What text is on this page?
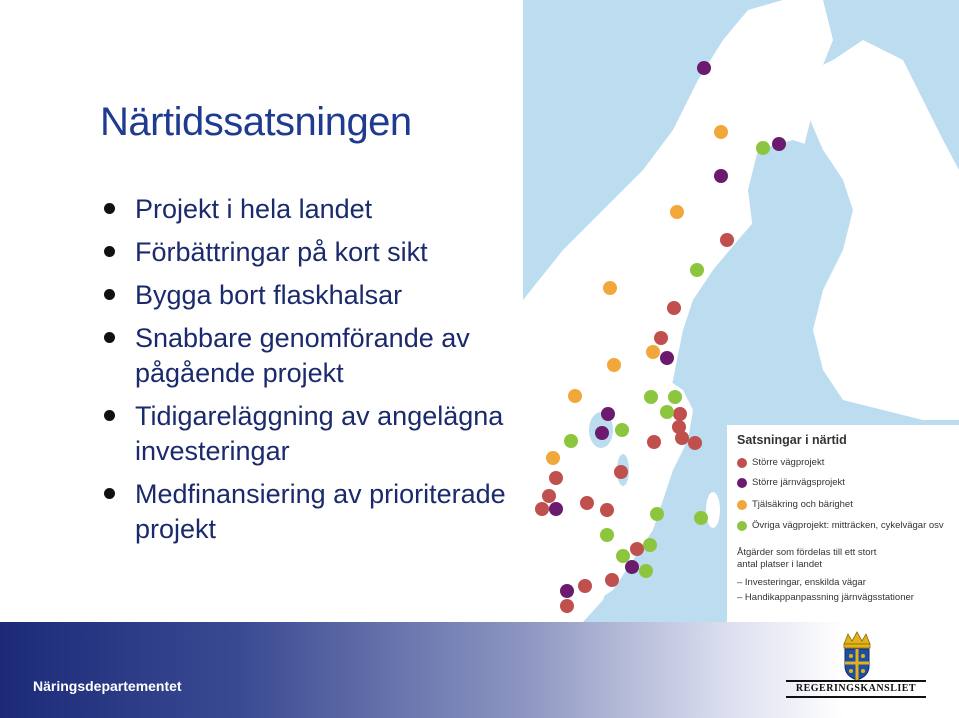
Närtidssatsningen
Projekt i hela landet
Förbättringar på kort sikt
Bygga bort flaskhalsar
Snabbare genomförande av pågående projekt
Tidigareläggning av angelägna investeringar
Medfinansiering av prioriterade projekt
Satsningar i närtid
Större vägprojekt
Större järnvägsprojekt
Tjälsäkring och bärighet
Övriga vägprojekt: mitträcken, cykelvägar osv
Åtgärder som fördelas till ett stort
antal platser i landet
– Investeringar, enskilda vägar
– Handikappanpassning järnvägsstationer
Näringsdepartementet	REGERINGSKANSLIET
